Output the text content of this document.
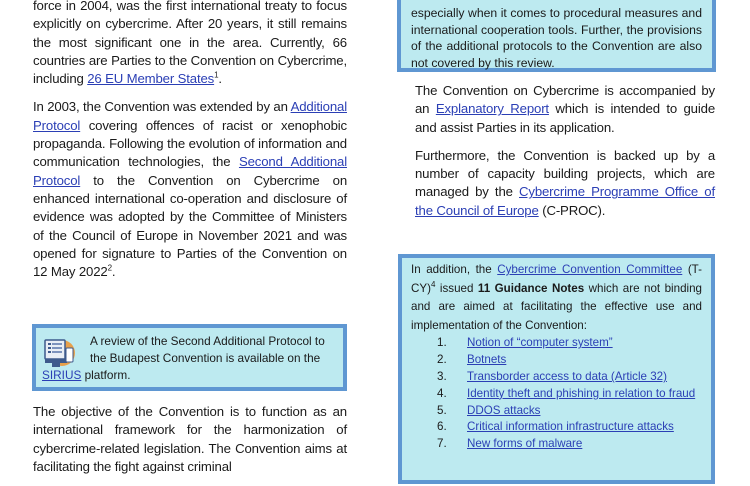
force in 2004, was the first international treaty to focus explicitly on cybercrime. After 20 years, it still remains the most significant one in the area. Currently, 66 countries are Parties to the Convention on Cybercrime, including 26 EU Member States$^1$.

In 2003, the Convention was extended by an Additional Protocol covering offences of racist or xenophobic propaganda. Following the evolution of information and communication technologies, the Second Additional Protocol to the Convention on Cybercrime on enhanced international co-operation and disclosure of evidence was adopted by the Committee of Ministers of the Council of Europe in November 2021 and was opened for signature to Parties of the Convention on 12 May 2022$^2$.

A review of the Second Additional Protocol to
the Budapest Convention is available on the
SIRIUS platform.

The objective of the Convention is to function as an international framework for the harmonization of cybercrime-related legislation. The Convention aims at facilitating the fight against criminal

especially when it comes to procedural measures and international cooperation tools. Further, the provisions of the additional protocols to the Convention are also not covered by this review.

The Convention on Cybercrime is accompanied by an Explanatory Report which is intended to guide and assist Parties in its application.

Furthermore, the Convention is backed up by a number of capacity building projects, which are managed by the Cybercrime Programme Office of the Council of Europe (C-PROC).

In addition, the Cybercrime Convention Committee $(T-CY)^4$ issued 11 Guidance Notes which are not binding and are aimed at facilitating the effective use and implementation of the Convention:
1.	Notion of “computer system”
2.	Botnets
3.	Transborder access to data (Article 32)
4.	Identity theft and phishing in relation to fraud
5.	DDOS attacks
6.	Critical information infrastructure attacks
7.	New forms of malware
